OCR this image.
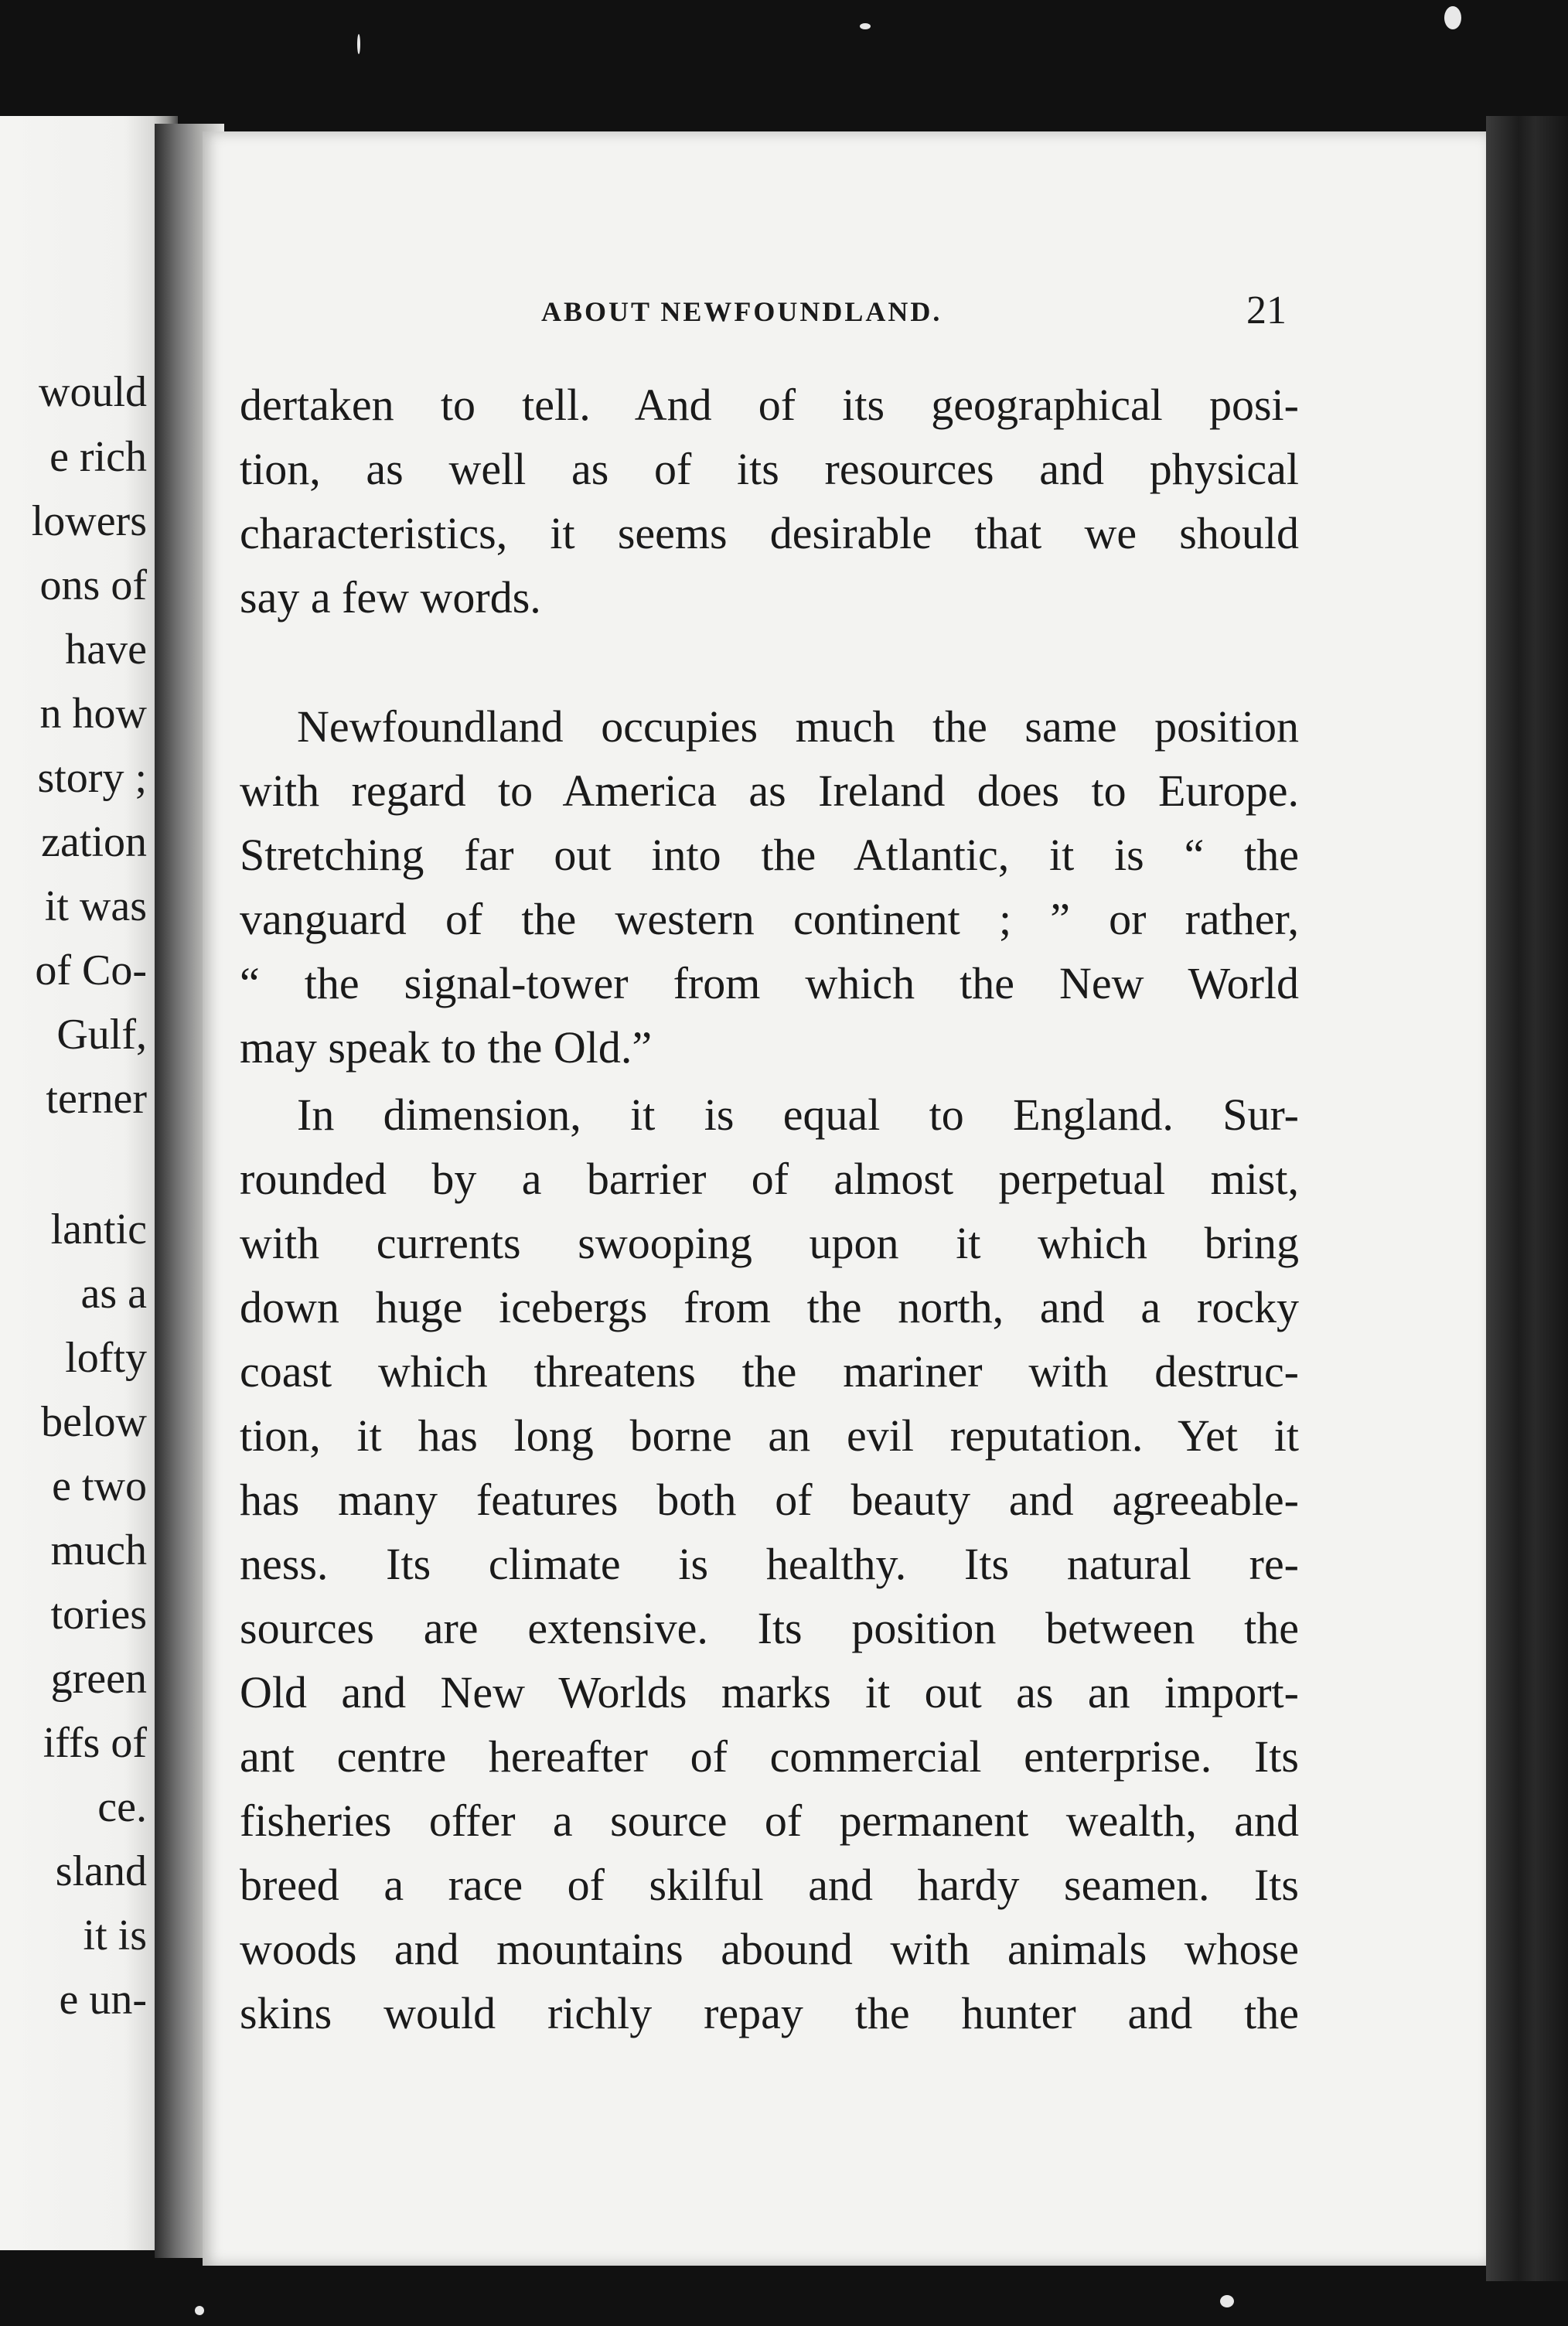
would
e rich
lowers
ons of
have
n how
story ;
zation
it was
of Co-
Gulf,
terner
lantic
as a
lofty
below
e two
much
tories
green
iffs of
ce.
sland
it is
e un-
ABOUT NEWFOUNDLAND.	21
dertaken to tell. And of its geographical posi-
tion, as well as of its resources and physical
characteristics, it seems desirable that we should
say a few words.
Newfoundland occupies much the same position
with regard to America as Ireland does to Europe.
Stretching far out into the Atlantic, it is “ the
vanguard of the western continent ; ” or rather,
“ the signal-tower from which the New World
may speak to the Old.”
In dimension, it is equal to England. Sur-
rounded by a barrier of almost perpetual mist,
with currents swooping upon it which bring
down huge icebergs from the north, and a rocky
coast which threatens the mariner with destruc-
tion, it has long borne an evil reputation. Yet it
has many features both of beauty and agreeable-
ness. Its climate is healthy. Its natural re-
sources are extensive. Its position between the
Old and New Worlds marks it out as an import-
ant centre hereafter of commercial enterprise. Its
fisheries offer a source of permanent wealth, and
breed a race of skilful and hardy seamen. Its
woods and mountains abound with animals whose
skins would richly repay the hunter and the
